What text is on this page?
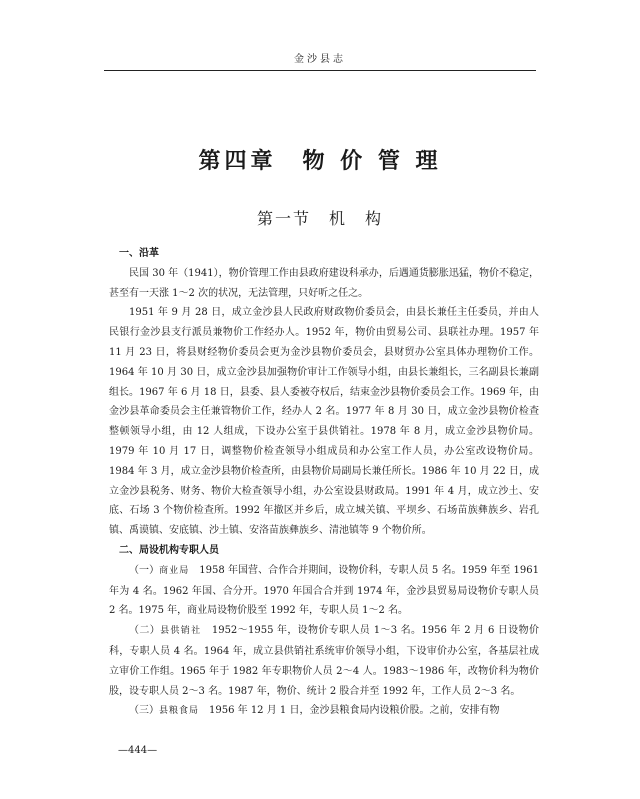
金沙县志
第四章　物 价 管 理
第一节　机　构

一、沿革

民国 30 年（1941），物价管理工作由县政府建设科承办，后遇通货膨胀迅猛，物价不稳定，甚至有一天涨 1～2 次的状况，无法管理，只好听之任之。

1951 年 9 月 28 日，成立金沙县人民政府财政物价委员会，由县长兼任主任委员，并由人民银行金沙县支行派员兼物价工作经办人。1952 年，物价由贸易公司、县联社办理。1957 年 11 月 23 日，将县财经物价委员会更为金沙县物价委员会，县财贸办公室具体办理物价工作。1964 年 10 月 30 日，成立金沙县加强物价审计工作领导小组，由县长兼组长，三名副县长兼副组长。1967 年 6 月 18 日，县委、县人委被夺权后，结束金沙县物价委员会工作。1969 年，由金沙县革命委员会主任兼管物价工作，经办人 2 名。1977 年 8 月 30 日，成立金沙县物价检查整顿领导小组，由 12 人组成，下设办公室于县供销社。1978 年 8 月，成立金沙县物价局。1979 年 10 月 17 日，调整物价检查领导小组成员和办公室工作人员，办公室改设物价局。1984 年 3 月，成立金沙县物价检查所，由县物价局副局长兼任所长。1986 年 10 月 22 日，成立金沙县税务、财务、物价大检查领导小组，办公室设县财政局。1991 年 4 月，成立沙土、安底、石场 3 个物价检查所。1992 年撤区并乡后，成立城关镇、平坝乡、石场苗族彝族乡、岩孔镇、禹谟镇、安底镇、沙土镇、安洛苗族彝族乡、清池镇等 9 个物价所。

二、局设机构专职人员

（一）商业局　1958 年国营、合作合并期间，设物价科，专职人员 5 名。1959 年至 1961 年为 4 名。1962 年国、合分开。1970 年国合合并到 1974 年，金沙县贸易局设物价专职人员 2 名。1975 年，商业局设物价股至 1992 年，专职人员 1～2 名。

（二）县供销社　1952～1955 年，设物价专职人员 1～3 名。1956 年 2 月 6 日设物价科，专职人员 4 名。1964 年，成立县供销社系统审价领导小组，下设审价办公室，各基层社成立审价工作组。1965 年于 1982 年专职物价人员 2～4 人。1983～1986 年，改物价科为物价股，设专职人员 2～3 名。1987 年，物价、统计 2 股合并至 1992 年，工作人员 2～3 名。

（三）县粮食局　1956 年 12 月 1 日，金沙县粮食局内设粮价股。之前，安排有物

—444—
